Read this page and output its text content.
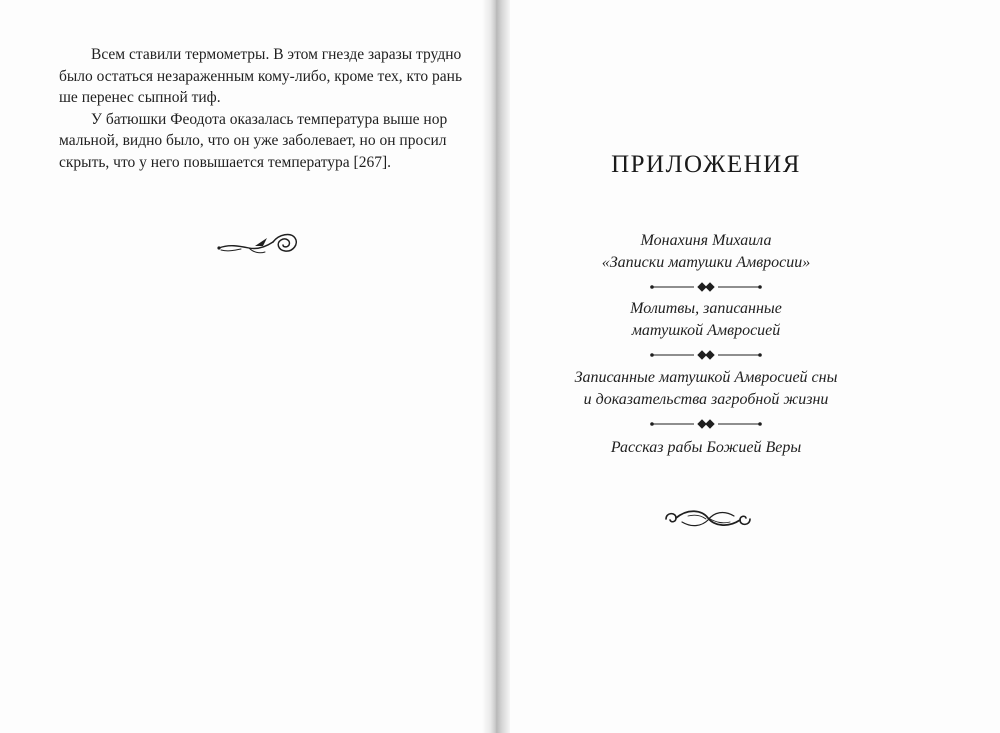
Всем ставили термометры. В этом гнезде заразы трудно
было остаться незараженным кому-либо, кроме тех, кто рань
ше перенес сыпной тиф.

У батюшки Феодота оказалась температура выше нор
мальной, видно было, что он уже заболевает, но он просил
скрыть, что у него повышается температура [267].	ПРИЛОЖЕНИЯ
Монахиня Михаила
«Записки матушки Амвросии»
Молитвы, записанные
матушкой Амвросией
Записанные матушкой Амвросией сны
и доказательства загробной жизни
Рассказ рабы Божией Веры
